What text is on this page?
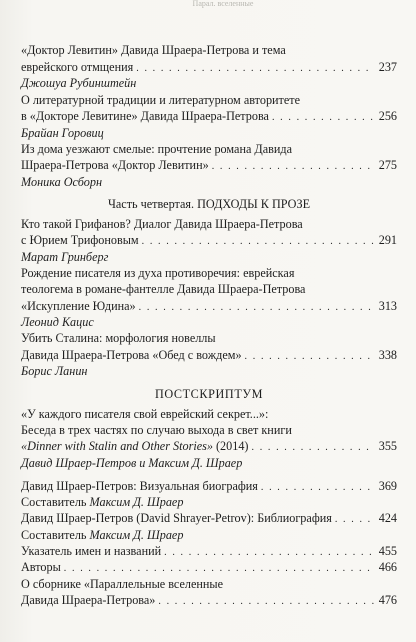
Парал. вселенные
«Доктор Левитин» Давида Шраера-Петрова и тема
еврейского отмщения . . .	237
Джошуа Рубинштейн
О литературной традиции и литературном авторитете
в «Докторе Левитине» Давида Шраера-Петрова . . .	256
Брайан Горовиц
Из дома уезжают смелые: прочтение романа Давида
Шраера-Петрова «Доктор Левитин» . . .	275
Моника Осборн
Часть четвертая. ПОДХОДЫ К ПРОЗЕ
Кто такой Грифанов? Диалог Давида Шраера-Петрова
с Юрием Трифоновым . . .	291
Марат Гринберг
Рождение писателя из духа противоречия: еврейская
теологема в романе-фантелле Давида Шраера-Петрова
«Искупление Юдина» . . .	313
Леонид Кацис
Убить Сталина: морфология новеллы
Давида Шраера-Петрова «Обед с вождем» . . .	338
Борис Ланин
ПОСТСКРИПТУМ
«У каждого писателя свой еврейский секрет...»:
Беседа в трех частях по случаю выхода в свет книги
«Dinner with Stalin and Other Stories» (2014) . . .	355
Давид Шраер-Петров и Максим Д. Шраер
Давид Шраер-Петров: Визуальная биография . . .	369
Составитель Максим Д. Шраер
Давид Шраер-Петров (David Shrayer-Petrov): Библиография . . .	424
Составитель Максим Д. Шраер
Указатель имен и названий . . .	455
Авторы . . .	466
О сборнике «Параллельные вселенные
Давида Шраера-Петрова» . . .	476
